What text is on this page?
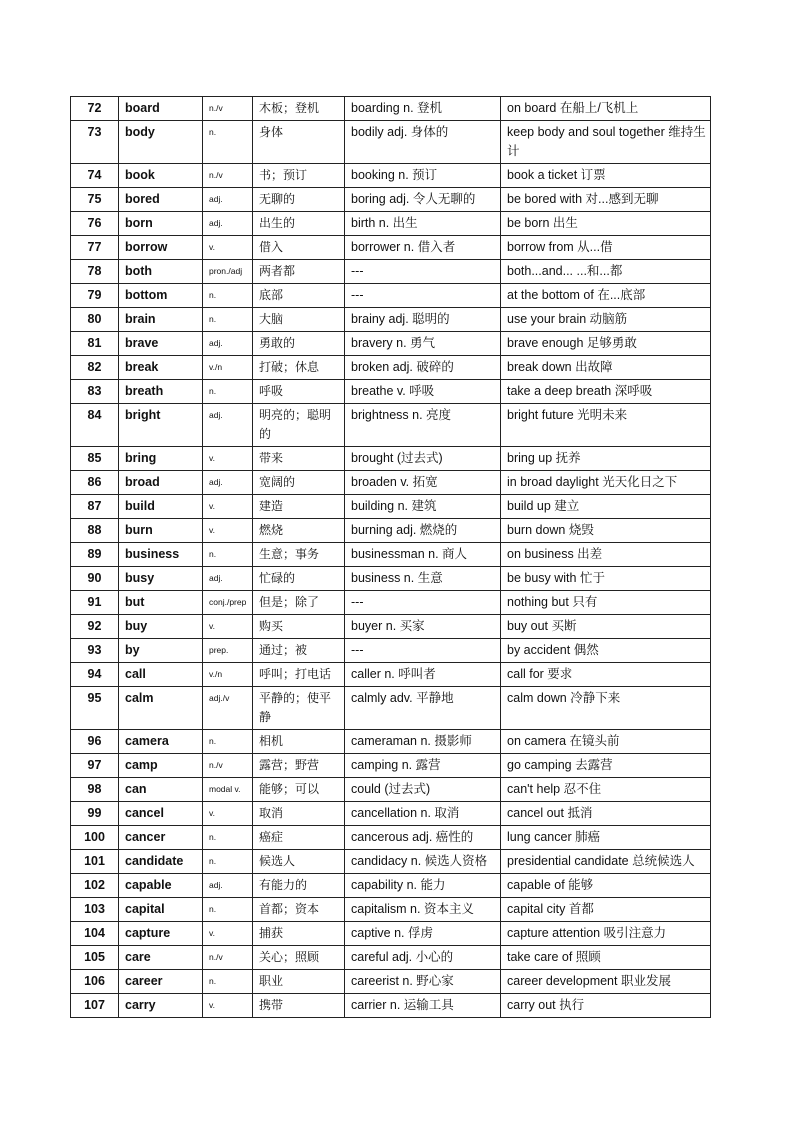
72	board	n./v	木板；登机	boarding n. 登机	on board 在船上/飞机上
73	body	n.	身体	bodily adj. 身体的	keep body and soul together 维持生计
74	book	n./v	书；预订	booking n. 预订	book a ticket 订票
75	bored	adj.	无聊的	boring adj. 令人无聊的	be bored with 对...感到无聊
76	born	adj.	出生的	birth n. 出生	be born 出生
77	borrow	v.	借入	borrower n. 借入者	borrow from 从...借
78	both	pron./adj	两者都	---	both...and... ...和...都
79	bottom	n.	底部	---	at the bottom of 在...底部
80	brain	n.	大脑	brainy adj. 聪明的	use your brain 动脑筋
81	brave	adj.	勇敢的	bravery n. 勇气	brave enough 足够勇敢
82	break	v./n	打破；休息	broken adj. 破碎的	break down 出故障
83	breath	n.	呼吸	breathe v. 呼吸	take a deep breath 深呼吸
84	bright	adj.	明亮的；聪明的	brightness n. 亮度	bright future 光明未来
85	bring	v.	带来	brought (过去式)	bring up 抚养
86	broad	adj.	宽阔的	broaden v. 拓宽	in broad daylight 光天化日之下
87	build	v.	建造	building n. 建筑	build up 建立
88	burn	v.	燃烧	burning adj. 燃烧的	burn down 烧毁
89	business	n.	生意；事务	businessman n. 商人	on business 出差
90	busy	adj.	忙碌的	business n. 生意	be busy with 忙于
91	but	conj./prep	但是；除了	---	nothing but 只有
92	buy	v.	购买	buyer n. 买家	buy out 买断
93	by	prep.	通过；被	---	by accident 偶然
94	call	v./n	呼叫；打电话	caller n. 呼叫者	call for 要求
95	calm	adj./v	平静的；使平静	calmly adv. 平静地	calm down 冷静下来
96	camera	n.	相机	cameraman n. 摄影师	on camera 在镜头前
97	camp	n./v	露营；野营	camping n. 露营	go camping 去露营
98	can	modal v.	能够；可以	could (过去式)	can't help 忍不住
99	cancel	v.	取消	cancellation n. 取消	cancel out 抵消
100	cancer	n.	癌症	cancerous adj. 癌性的	lung cancer 肺癌
101	candidate	n.	候选人	candidacy n. 候选人资格	presidential candidate 总统候选人
102	capable	adj.	有能力的	capability n. 能力	capable of 能够
103	capital	n.	首都；资本	capitalism n. 资本主义	capital city 首都
104	capture	v.	捕获	captive n. 俘虏	capture attention 吸引注意力
105	care	n./v	关心；照顾	careful adj. 小心的	take care of 照顾
106	career	n.	职业	careerist n. 野心家	career development 职业发展
107	carry	v.	携带	carrier n. 运输工具	carry out 执行
